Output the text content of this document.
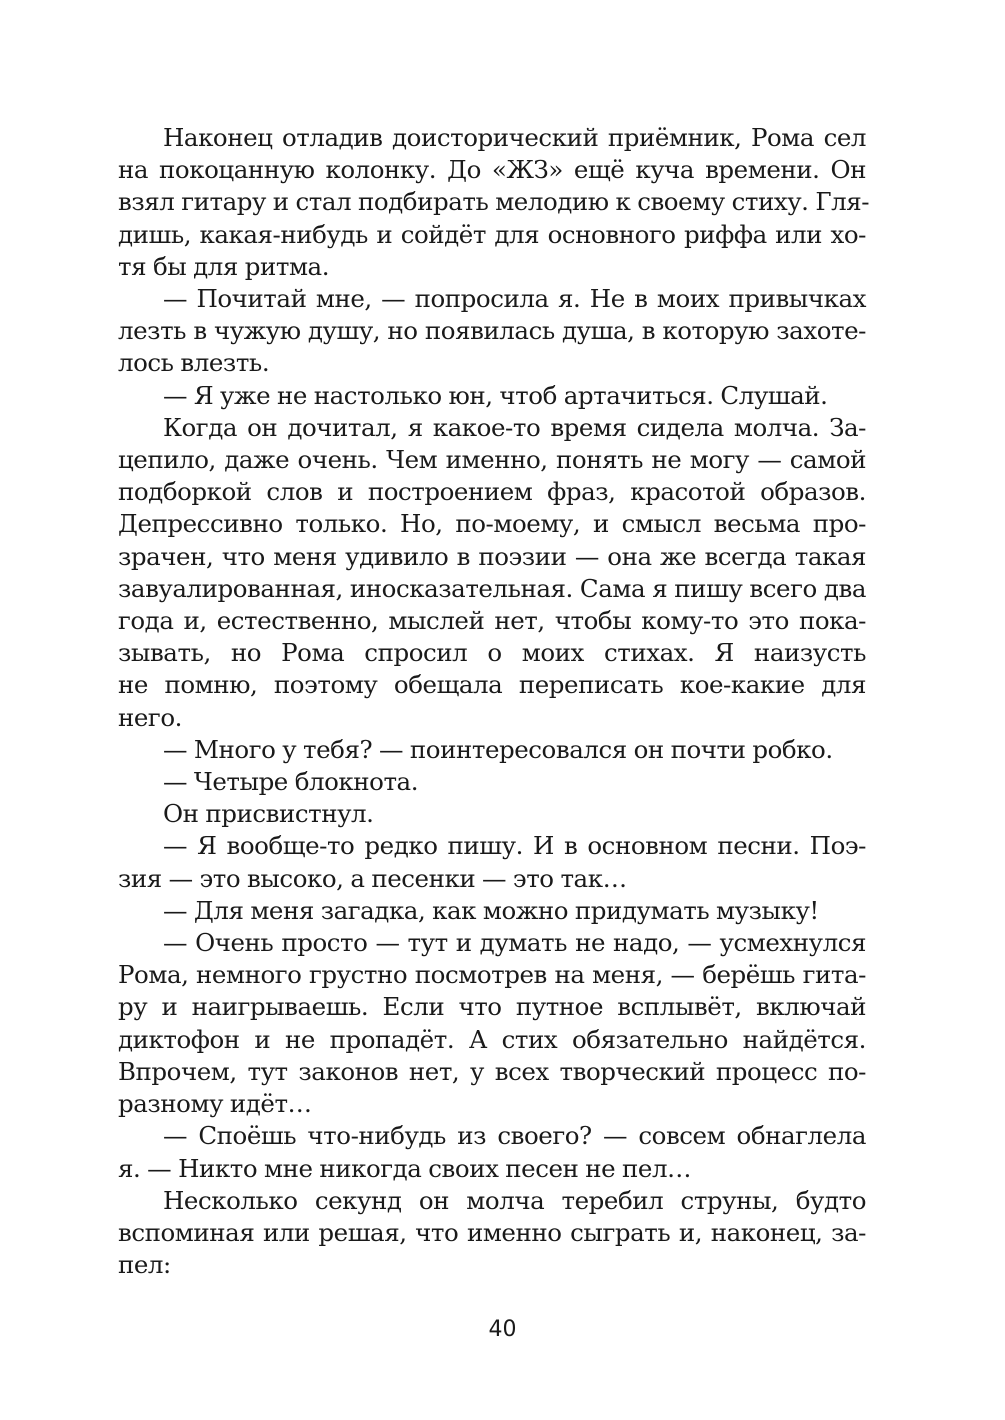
Наконец отладив доисторический приёмник, Рома сел
на покоцанную колонку. До «ЖЗ» ещё куча времени. Он
взял гитару и стал подбирать мелодию к своему стиху. Гля-
дишь, какая-нибудь и сойдёт для основного риффа или хо-
тя бы для ритма.
— Почитай мне, — попросила я. Не в моих привычках
лезть в чужую душу, но появилась душа, в которую захоте-
лось влезть.
— Я уже не настолько юн, чтоб артачиться. Слушай.
Когда он дочитал, я какое-то время сидела молча. За-
цепило, даже очень. Чем именно, понять не могу — самой
подборкой слов и построением фраз, красотой образов.
Депрессивно только. Но, по-моему, и смысл весьма про-
зрачен, что меня удивило в поэзии — она же всегда такая
завуалированная, иносказательная. Сама я пишу всего два
года и, естественно, мыслей нет, чтобы кому-то это пока-
зывать, но Рома спросил о моих стихах. Я наизусть
не помню, поэтому обещала переписать кое-какие для
него.
— Много у тебя? — поинтересовался он почти робко.
— Четыре блокнота.
Он присвистнул.
— Я вообще-то редко пишу. И в основном песни. Поэ-
зия — это высоко, а песенки — это так…
— Для меня загадка, как можно придумать музыку!
— Очень просто — тут и думать не надо, — усмехнулся
Рома, немного грустно посмотрев на меня, — берёшь гита-
ру и наигрываешь. Если что путное всплывёт, включай
диктофон и не пропадёт. А стих обязательно найдётся.
Впрочем, тут законов нет, у всех творческий процесс по-
разному идёт…
— Споёшь что-нибудь из своего? — совсем обнаглела
я. — Никто мне никогда своих песен не пел…
Несколько секунд он молча теребил струны, будто
вспоминая или решая, что именно сыграть и, наконец, за-
пел:
40
